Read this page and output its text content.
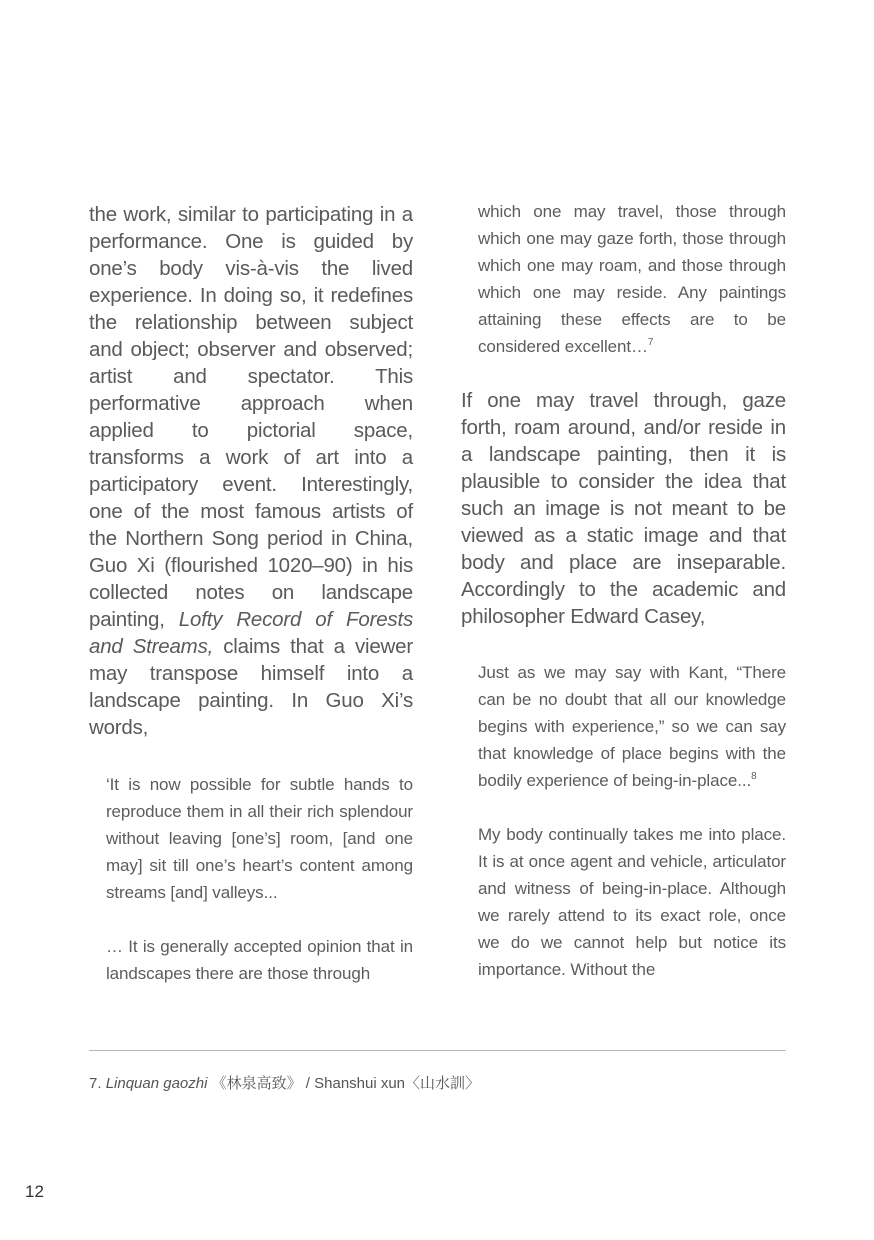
the work, similar to participating in a performance. One is guided by one’s body vis-à-vis the lived experience. In doing so, it redefines the relationship between subject and object; observer and observed; artist and spectator. This performative approach when applied to pictorial space, transforms a work of art into a participatory event. Interestingly, one of the most famous artists of the Northern Song period in China, Guo Xi (flourished 1020–90) in his collected notes on landscape painting, Lofty Record of Forests and Streams, claims that a viewer may transpose himself into a landscape painting. In Guo Xi’s words,

‘It is now possible for subtle hands to reproduce them in all their rich splendour without leaving [one’s] room, [and one may] sit till one’s heart’s content among streams [and] valleys...

… It is generally accepted opinion that in landscapes there are those through

which one may travel, those through which one may gaze forth, those through which one may roam, and those through which one may reside. Any paintings attaining these effects are to be considered excellent…$^7$

If one may travel through, gaze forth, roam around, and/or reside in a landscape painting, then it is plausible to consider the idea that such an image is not meant to be viewed as a static image and that body and place are inseparable. Accordingly to the academic and philosopher Edward Casey,

Just as we may say with Kant, “There can be no doubt that all our knowledge begins with experience,” so we can say that knowledge of place begins with the bodily experience of being-in-place...$^8$

My body continually takes me into place. It is at once agent and vehicle, articulator and witness of being-in-place. Although we rarely attend to its exact role, once we do we cannot help but notice its importance. Without the

7. Linquan gaozhi 《林泉高致》 / Shanshui xun〈山水訓〉
12
